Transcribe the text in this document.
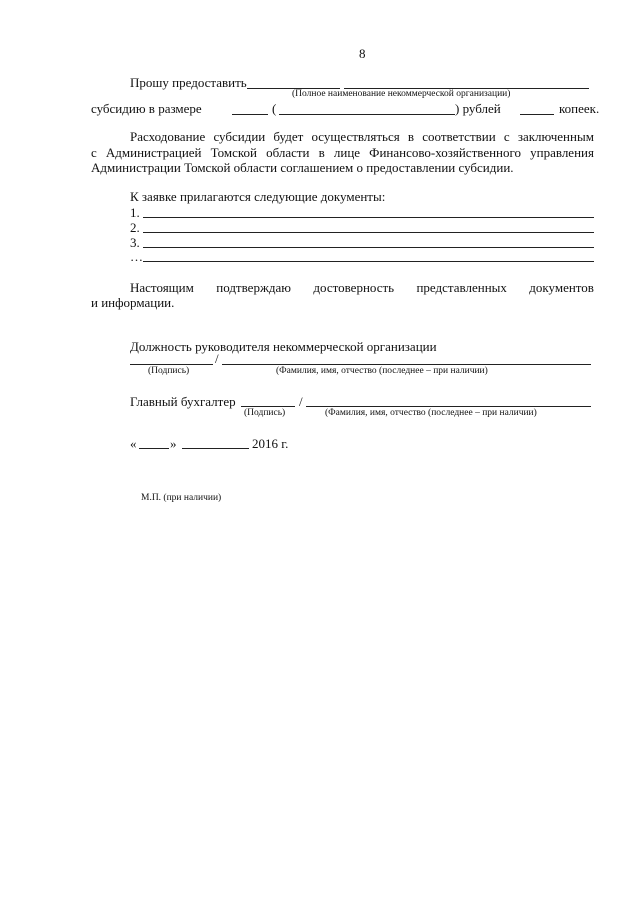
8
Прошу предоставить
(Полное наименование некоммерческой организации)
субсидию в размере	(	) рублей	копеек.
Расходование субсидии будет осуществляться в соответствии с заключенным
с Администрацией Томской области в лице Финансово-хозяйственного управления
Администрации Томской области соглашением о предоставлении субсидии.
К заявке прилагаются следующие документы:
1.
2.
3.
…
Настоящим подтверждаю достоверность представленных документов
и информации.
Должность руководителя некоммерческой организации
/
(Подпись)	(Фамилия, имя, отчество (последнее – при наличии)
Главный бухгалтер	/
(Подпись)	(Фамилия, имя, отчество (последнее – при наличии)
«	»	2016 г.
М.П. (при наличии)
